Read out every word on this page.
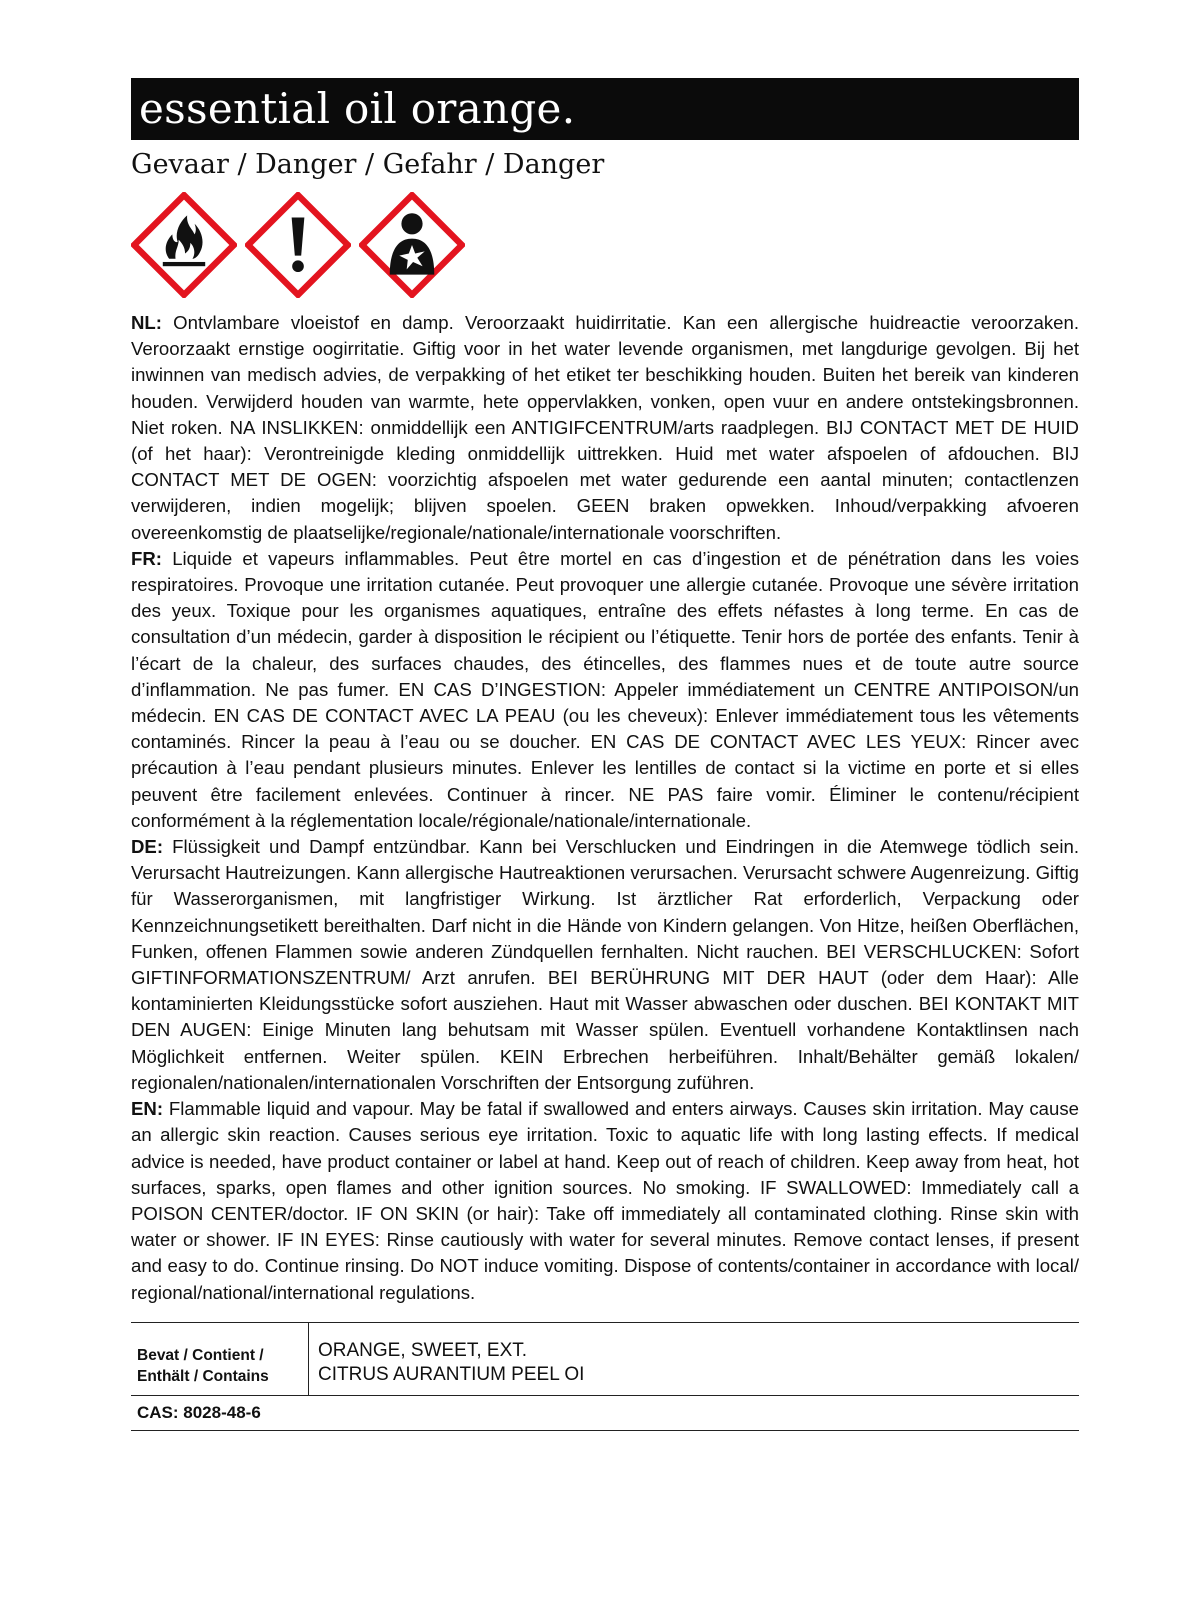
essential oil orange.
Gevaar / Danger / Gefahr / Danger

NL: Ontvlambare vloeistof en damp. Veroorzaakt huidirritatie. Kan een allergische huidreactie veroorzaken. Veroorzaakt ernstige oogirritatie. Giftig voor in het water levende organismen, met langdurige gevolgen. Bij het inwinnen van medisch advies, de verpakking of het etiket ter beschikking houden. Buiten het bereik van kinderen houden. Verwijderd houden van warmte, hete oppervlakken, vonken, open vuur en andere ontstekingsbronnen. Niet roken. NA INSLIKKEN: onmiddellijk een ANTIGIFCENTRUM/arts raadplegen. BIJ CONTACT MET DE HUID (of het haar): Verontreinigde kleding onmiddellijk uittrekken. Huid met water afspoelen of afdouchen. BIJ CONTACT MET DE OGEN: voorzichtig afspoelen met water gedurende een aantal minuten; contactlenzen verwijderen, indien mogelijk; blijven spoelen. GEEN braken opwekken. Inhoud/verpakking afvoeren overeenkomstig de plaatselijke/regionale/nationale/internationale voorschriften.

FR: Liquide et vapeurs inflammables. Peut être mortel en cas d’ingestion et de pénétration dans les voies respiratoires. Provoque une irritation cutanée. Peut provoquer une allergie cutanée. Provoque une sévère irritation des yeux. Toxique pour les organismes aquatiques, entraîne des effets néfastes à long terme. En cas de consultation d’un médecin, garder à disposition le récipient ou l’étiquette. Tenir hors de portée des enfants. Tenir à l’écart de la chaleur, des surfaces chaudes, des étincelles, des flammes nues et de toute autre source d’inflammation. Ne pas fumer. EN CAS D’INGESTION: Appeler immédiatement un CENTRE ANTIPOISON/un médecin. EN CAS DE CONTACT AVEC LA PEAU (ou les cheveux): Enlever immédiatement tous les vêtements contaminés. Rincer la peau à l’eau ou se doucher. EN CAS DE CONTACT AVEC LES YEUX: Rincer avec précaution à l’eau pendant plusieurs minutes. Enlever les lentilles de contact si la victime en porte et si elles peuvent être facilement enlevées. Continuer à rincer. NE PAS faire vomir. Éliminer le contenu/récipient conformément à la réglementation locale/régionale/nationale/internationale.

DE: Flüssigkeit und Dampf entzündbar. Kann bei Verschlucken und Eindringen in die Atemwege tödlich sein. Verursacht Hautreizungen. Kann allergische Hautreaktionen verursachen. Verursacht schwere Augenreizung. Giftig für Wasserorganismen, mit langfristiger Wirkung. Ist ärztlicher Rat erforderlich, Verpackung oder Kennzeichnungsetikett bereithalten. Darf nicht in die Hände von Kindern gelangen. Von Hitze, heißen Oberflächen, Funken, offenen Flammen sowie anderen Zündquellen fernhalten. Nicht rauchen. BEI VERSCHLUCKEN: Sofort GIFTINFORMATIONSZENTRUM/ Arzt anrufen. BEI BERÜHRUNG MIT DER HAUT (oder dem Haar): Alle kontaminierten Kleidungsstücke sofort ausziehen. Haut mit Wasser abwaschen oder duschen. BEI KONTAKT MIT DEN AUGEN: Einige Minuten lang behutsam mit Wasser spülen. Eventuell vorhandene Kontaktlinsen nach Möglichkeit entfernen. Weiter spülen. KEIN Erbrechen herbeiführen. Inhalt/Behälter gemäß lokalen/ regionalen/nationalen/internationalen Vorschriften der Entsorgung zuführen.

EN: Flammable liquid and vapour. May be fatal if swallowed and enters airways. Causes skin irritation. May cause an allergic skin reaction. Causes serious eye irritation. Toxic to aquatic life with long lasting effects. If medical advice is needed, have product container or label at hand. Keep out of reach of children. Keep away from heat, hot surfaces, sparks, open flames and other ignition sources. No smoking. IF SWALLOWED: Immediately call a POISON CENTER/doctor. IF ON SKIN (or hair): Take off immediately all contaminated clothing. Rinse skin with water or shower. IF IN EYES: Rinse cautiously with water for several minutes. Remove contact lenses, if present and easy to do. Continue rinsing. Do NOT induce vomiting. Dispose of contents/container in accordance with local/ regional/national/international regulations.

Bevat / Contient /
Enthält / Contains
ORANGE, SWEET, EXT.
CITRUS AURANTIUM PEEL OI
CAS: 8028-48-6
